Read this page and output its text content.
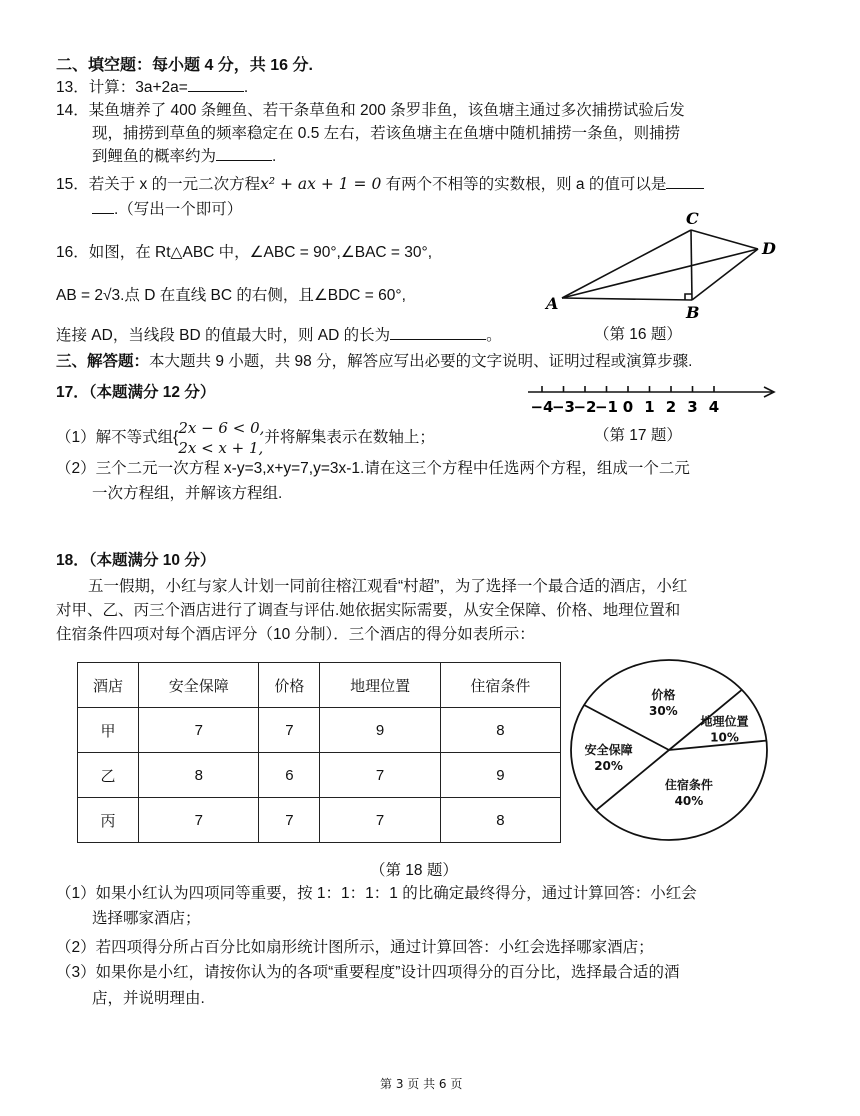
二、填空题：每小题 4 分，共 16 分.
13．计算：3a+2a=	.
14．某鱼塘养了 400 条鲤鱼、若干条草鱼和 200 条罗非鱼，该鱼塘主通过多次捕捞试验后发
现，捕捞到草鱼的频率稳定在 0.5 左右，若该鱼塘主在鱼塘中随机捕捞一条鱼，则捕捞
到鲤鱼的概率约为	.
15．若关于 x 的一元二次方程x² + ax + 1 = 0 有两个不相等的实数根，则 a 的值可以是
.（写出一个即可）
16．如图，在 Rt△ABC 中，∠ABC = 90°,∠BAC = 30°,
AB = 2√3.点 D 在直线 BC 的右侧，且∠BDC = 60°,
连接 AD，当线段 BD 的值最大时，则 AD 的长为	。
C
D
A	B
（第 16 题）
三、解答题：本大题共 9 小题，共 98 分，解答应写出必要的文字说明、证明过程或演算步骤.
17．（本题满分 12 分）
−4
−3
−2
−1 0 1 2 3 4
（1）解不等式组{
2x − 6 < 0,
2x < x + 1,
并将解集表示在数轴上；	（第 17 题）
（2）三个二元一次方程 x-y=3,x+y=7,y=3x-1.请在这三个方程中任选两个方程，组成一个二元
一次方程组，并解该方程组.
18．（本题满分 10 分）
五一假期，小红与家人计划一同前往榕江观看“村超”，为了选择一个最合适的酒店，小红
对甲、乙、丙三个酒店进行了调查与评估.她依据实际需要，从安全保障、价格、地理位置和
住宿条件四项对每个酒店评分（10 分制）．三个酒店的得分如表所示：
酒店	安全保障	价格	地理位置	住宿条件
甲	7	7	9	8
乙	8	6	7	9
丙	7	7	7	8
价格
30%
地理位置
10%
住宿条件
40%
安全保障
20%
（第 18 题）
（1）如果小红认为四项同等重要，按 1：1：1：1 的比确定最终得分，通过计算回答：小红会
选择哪家酒店；
（2）若四项得分所占百分比如扇形统计图所示，通过计算回答：小红会选择哪家酒店；
（3）如果你是小红，请按你认为的各项“重要程度”设计四项得分的百分比，选择最合适的酒
店，并说明理由.
第 3 页 共 6 页
